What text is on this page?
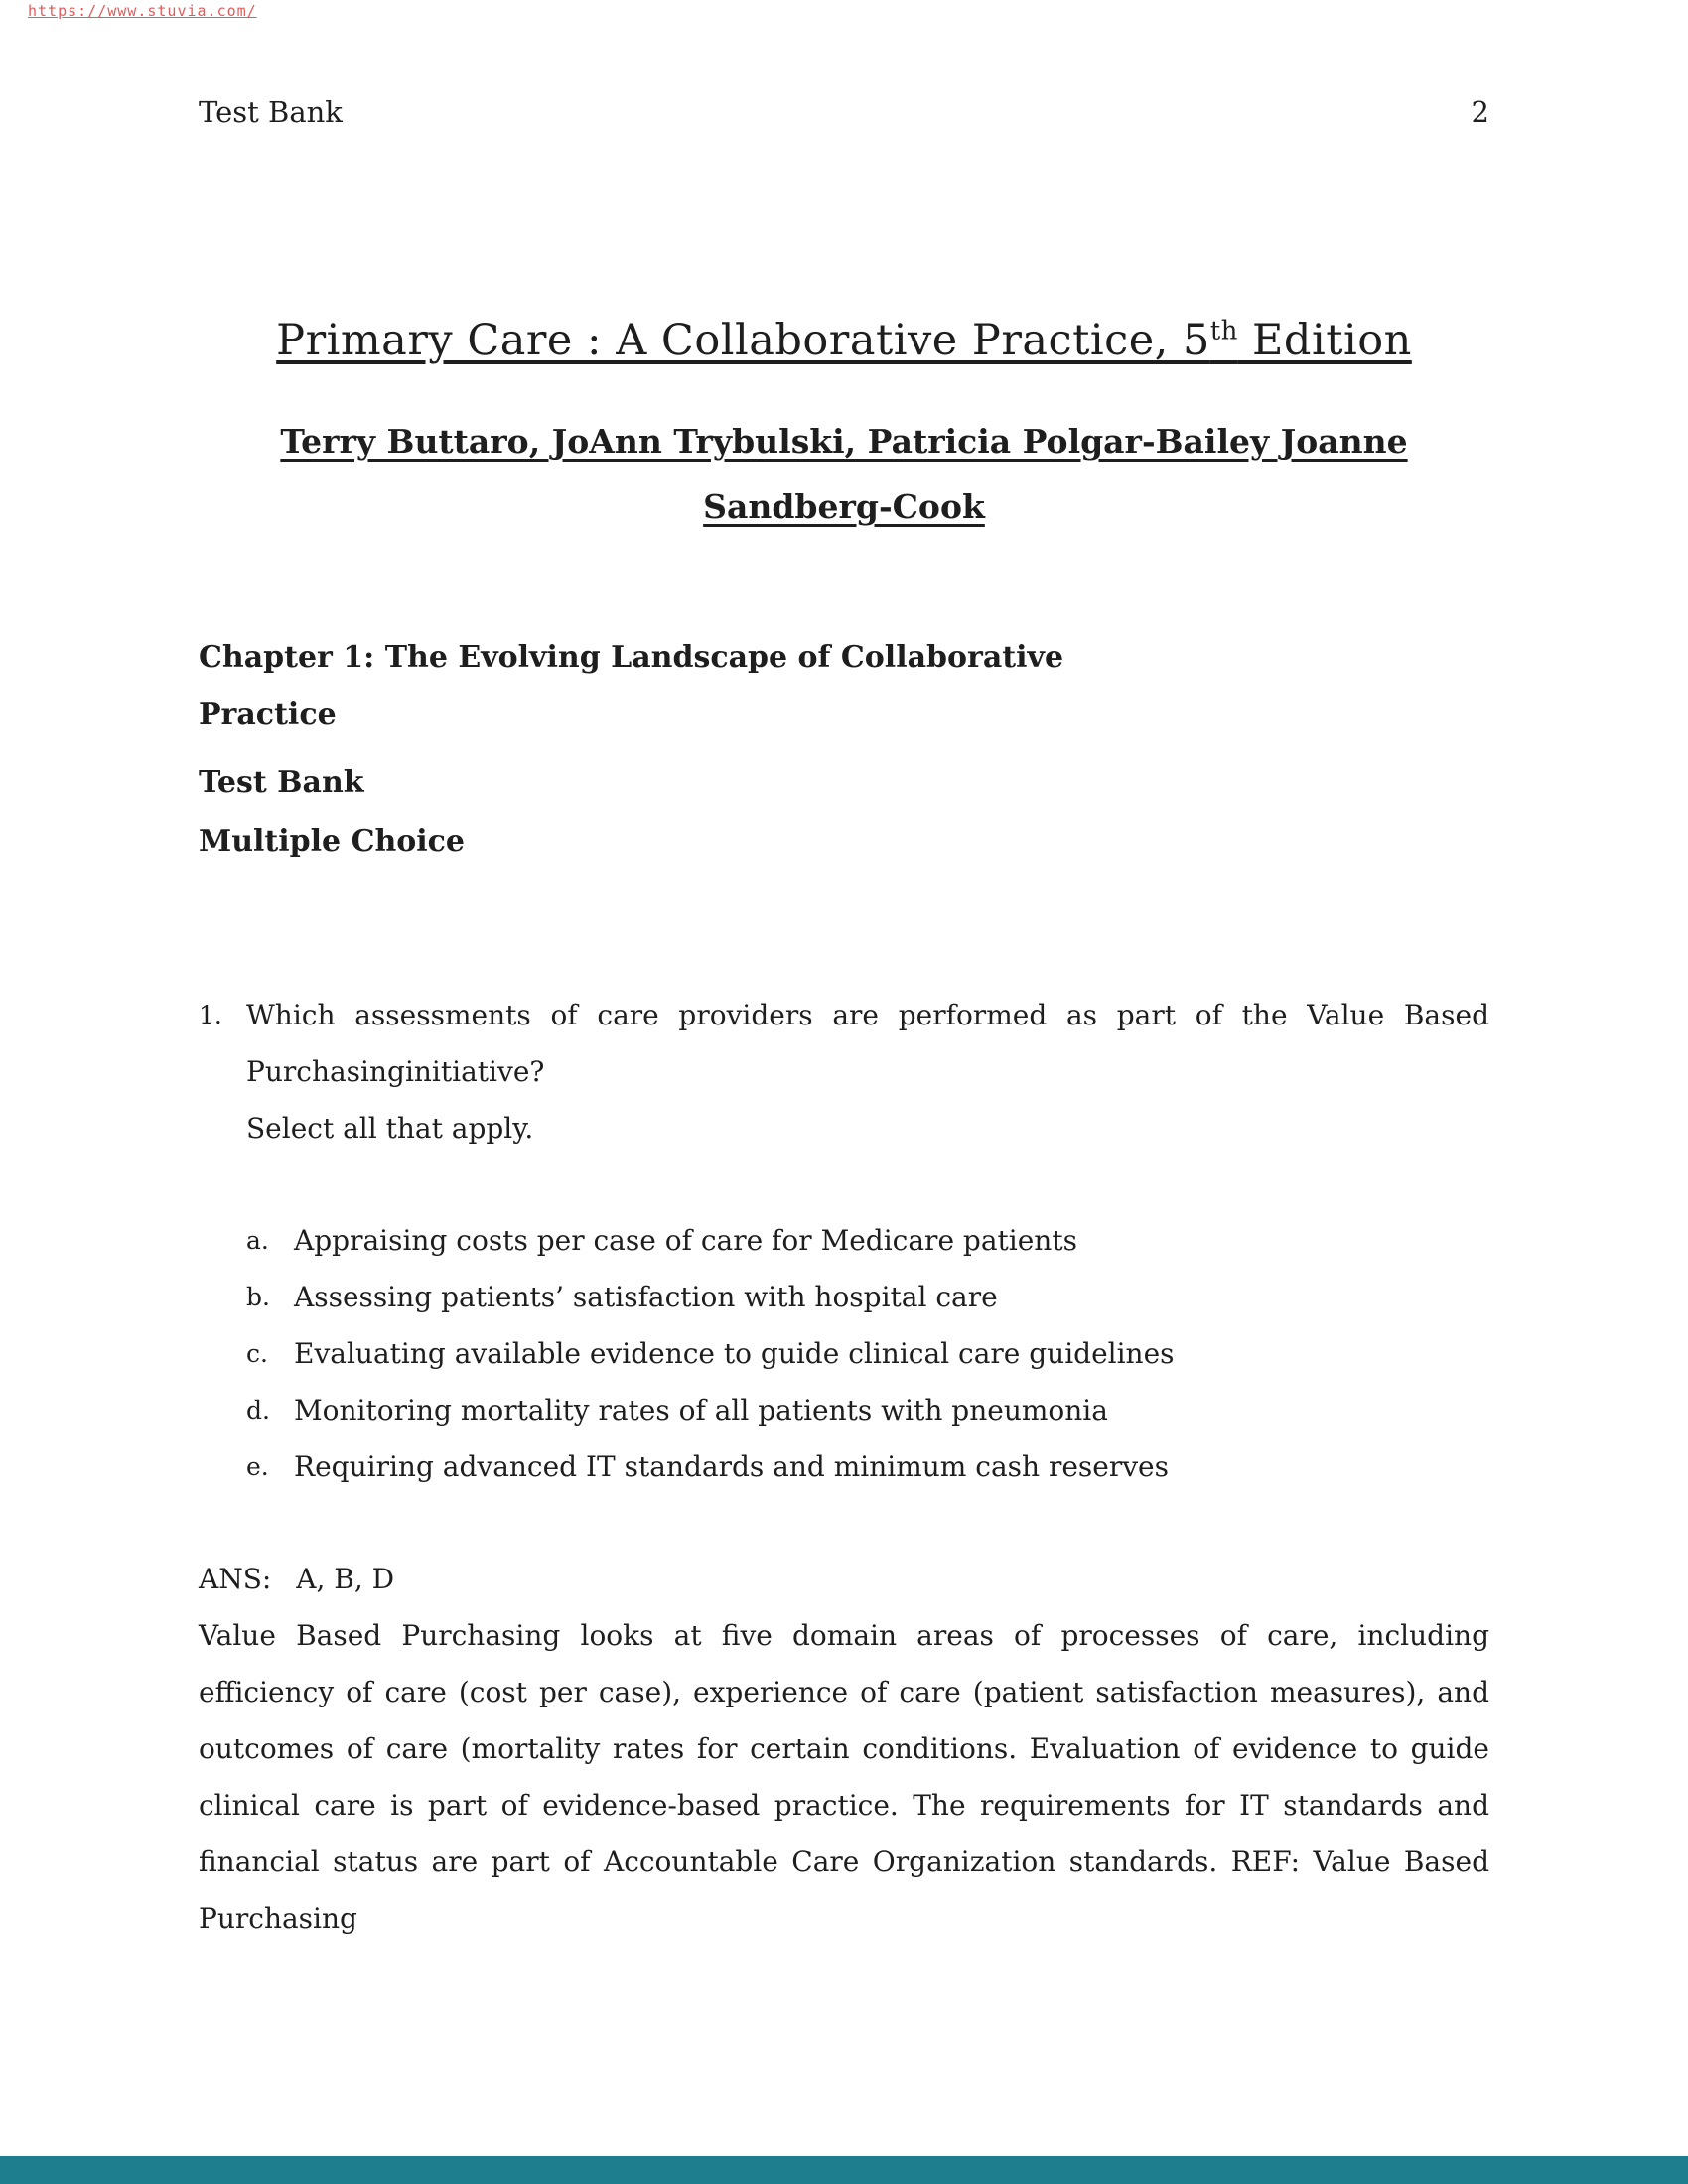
https://www.stuvia.com/
Test Bank	2
Primary Care : A Collaborative Practice, 5th Edition
Terry Buttaro, JoAnn Trybulski, Patricia Polgar-Bailey Joanne
Sandberg-Cook
Chapter 1: The Evolving Landscape of Collaborative
Practice
Test Bank
Multiple Choice
1. Which assessments of care providers are performed as part of the Value Based Purchasinginitiative?

Select all that apply.

a. Appraising costs per case of care for Medicare patients
b. Assessing patients’ satisfaction with hospital care
c. Evaluating available evidence to guide clinical care guidelines
d. Monitoring mortality rates of all patients with pneumonia
e. Requiring advanced IT standards and minimum cash reserves
ANS: A, B, D

Value Based Purchasing looks at five domain areas of processes of care, including efficiency of care (cost per case), experience of care (patient satisfaction measures), and outcomes of care (mortality rates for certain conditions. Evaluation of evidence to guide clinical care is part of evidence-based practice. The requirements for IT standards and financial status are part of Accountable Care Organization standards. REF: Value Based Purchasing
